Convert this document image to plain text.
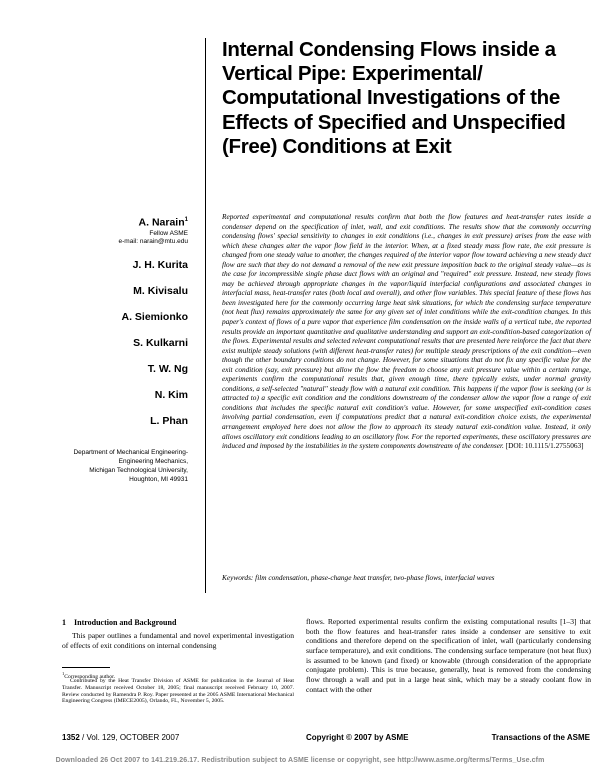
Internal Condensing Flows inside a Vertical Pipe: Experimental/ Computational Investigations of the Effects of Specified and Unspecified (Free) Conditions at Exit
A. Narain$^1$
Fellow ASME
e-mail: narain@mtu.edu
J. H. Kurita
M. Kivisalu
A. Siemionko
S. Kulkarni
T. W. Ng
N. Kim
L. Phan
Department of Mechanical Engineering-
Engineering Mechanics,
Michigan Technological University,
Houghton, MI 49931

Reported experimental and computational results confirm that both the flow features and heat-transfer rates inside a condenser depend on the specification of inlet, wall, and exit conditions. The results show that the commonly occurring condensing flows' special sensitivity to changes in exit conditions (i.e., changes in exit pressure) arises from the ease with which these changes alter the vapor flow field in the interior. When, at a fixed steady mass flow rate, the exit pressure is changed from one steady value to another, the changes required of the interior vapor flow toward achieving a new steady duct flow are such that they do not demand a removal of the new exit pressure imposition back to the original steady value—as is the case for incompressible single phase duct flows with an original and "required" exit pressure. Instead, new steady flows may be achieved through appropriate changes in the vapor/liquid interfacial configurations and associated changes in interfacial mass, heat-transfer rates (both local and overall), and other flow variables. This special feature of these flows has been investigated here for the commonly occurring large heat sink situations, for which the condensing surface temperature (not heat flux) remains approximately the same for any given set of inlet conditions while the exit-condition changes. In this paper's context of flows of a pure vapor that experience film condensation on the inside walls of a vertical tube, the reported results provide an important quantitative and qualitative understanding and support an exit-condition-based categorization of the flows. Experimental results and selected relevant computational results that are presented here reinforce the fact that there exist multiple steady solutions (with different heat-transfer rates) for multiple steady prescriptions of the exit condition—even though the other boundary conditions do not change. However, for some situations that do not fix any specific value for the exit condition (say, exit pressure) but allow the flow the freedom to choose any exit pressure value within a certain range, experiments confirm the computational results that, given enough time, there typically exists, under normal gravity conditions, a self-selected "natural" steady flow with a natural exit condition. This happens if the vapor flow is seeking (or is attracted to) a specific exit condition and the conditions downstream of the condenser allow the vapor flow a range of exit conditions that includes the specific natural exit condition's value. However, for some unspecified exit-condition cases involving partial condensation, even if computations predict that a natural exit-condition choice exists, the experimental arrangement employed here does not allow the flow to approach its steady natural exit-condition value. Instead, it only allows oscillatory exit conditions leading to an oscillatory flow. For the reported experiments, these oscillatory pressures are induced and imposed by the instabilities in the system components downstream of the condenser. [DOI: 10.1115/1.2755063]

Keywords: film condensation, phase-change heat transfer, two-phase flows, interfacial waves

1 Introduction and Background

This paper outlines a fundamental and novel experimental investigation of effects of exit conditions on internal condensing

$^1$Corresponding author.

Contributed by the Heat Transfer Division of ASME for publication in the Journal of Heat Transfer. Manuscript received October 18, 2005; final manuscript received February 10, 2007. Review conducted by Ramendra P. Roy. Paper presented at the 2005 ASME International Mechanical Engineering Congress (IMECE2005), Orlando, FL, November 5, 2005.

flows. Reported experimental results confirm the existing computational results [1–3] that both the flow features and heat-transfer rates inside a condenser are sensitive to exit conditions and therefore depend on the specification of inlet, wall (particularly condensing surface temperature), and exit conditions. The condensing surface temperature (not heat flux) is assumed to be known (and fixed) or knowable (through consideration of the appropriate conjugate problem). This is true because, generally, heat is removed from the condensing flow through a wall and put in a large heat sink, which may be a steady coolant flow in contact with the other

1352 / Vol. 129, OCTOBER 2007	Copyright © 2007 by ASME	Transactions of the ASME
Downloaded 26 Oct 2007 to 141.219.26.17. Redistribution subject to ASME license or copyright, see http://www.asme.org/terms/Terms_Use.cfm
